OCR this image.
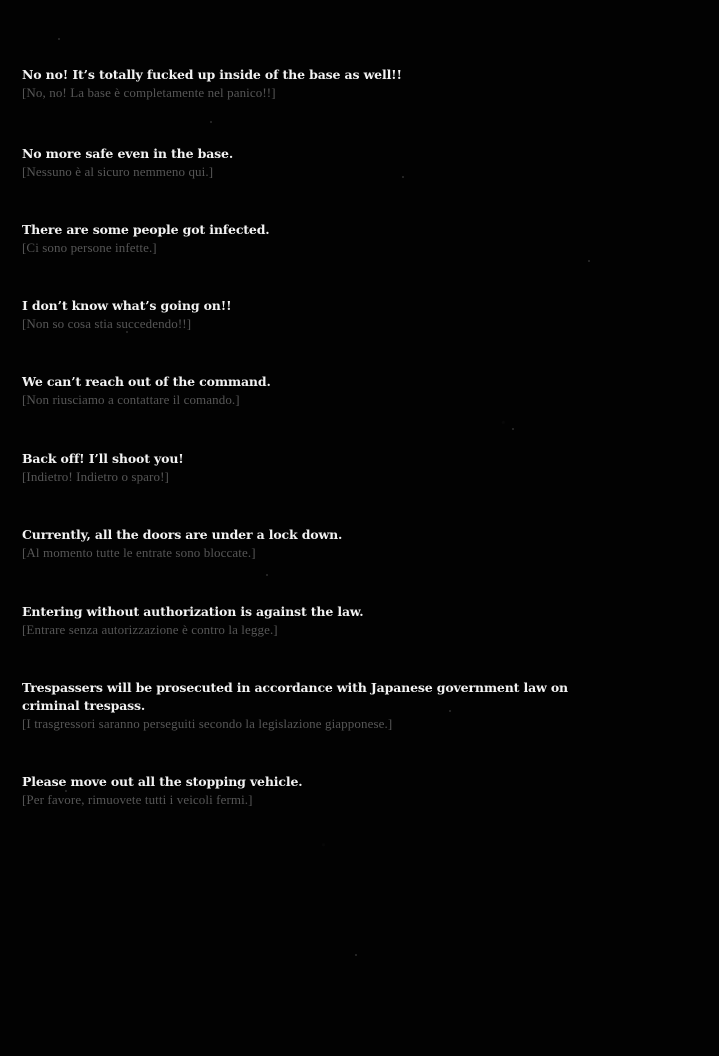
No no! It’s totally fucked up inside of the base as well!!
[No, no! La base è completamente nel panico!!]
No more safe even in the base.
[Nessuno è al sicuro nemmeno qui.]
There are some people got infected.
[Ci sono persone infette.]
I don’t know what’s going on!!
[Non so cosa stia succedendo!!]
We can’t reach out of the command.
[Non riusciamo a contattare il comando.]
Back off! I’ll shoot you!
[Indietro! Indietro o sparo!]
Currently, all the doors are under a lock down.
[Al momento tutte le entrate sono bloccate.]
Entering without authorization is against the law.
[Entrare senza autorizzazione è contro la legge.]
Trespassers will be prosecuted in accordance with Japanese government law on criminal trespass.
[I trasgressori saranno perseguiti secondo la legislazione giapponese.]
Please move out all the stopping vehicle.
[Per favore, rimuovete tutti i veicoli fermi.]
